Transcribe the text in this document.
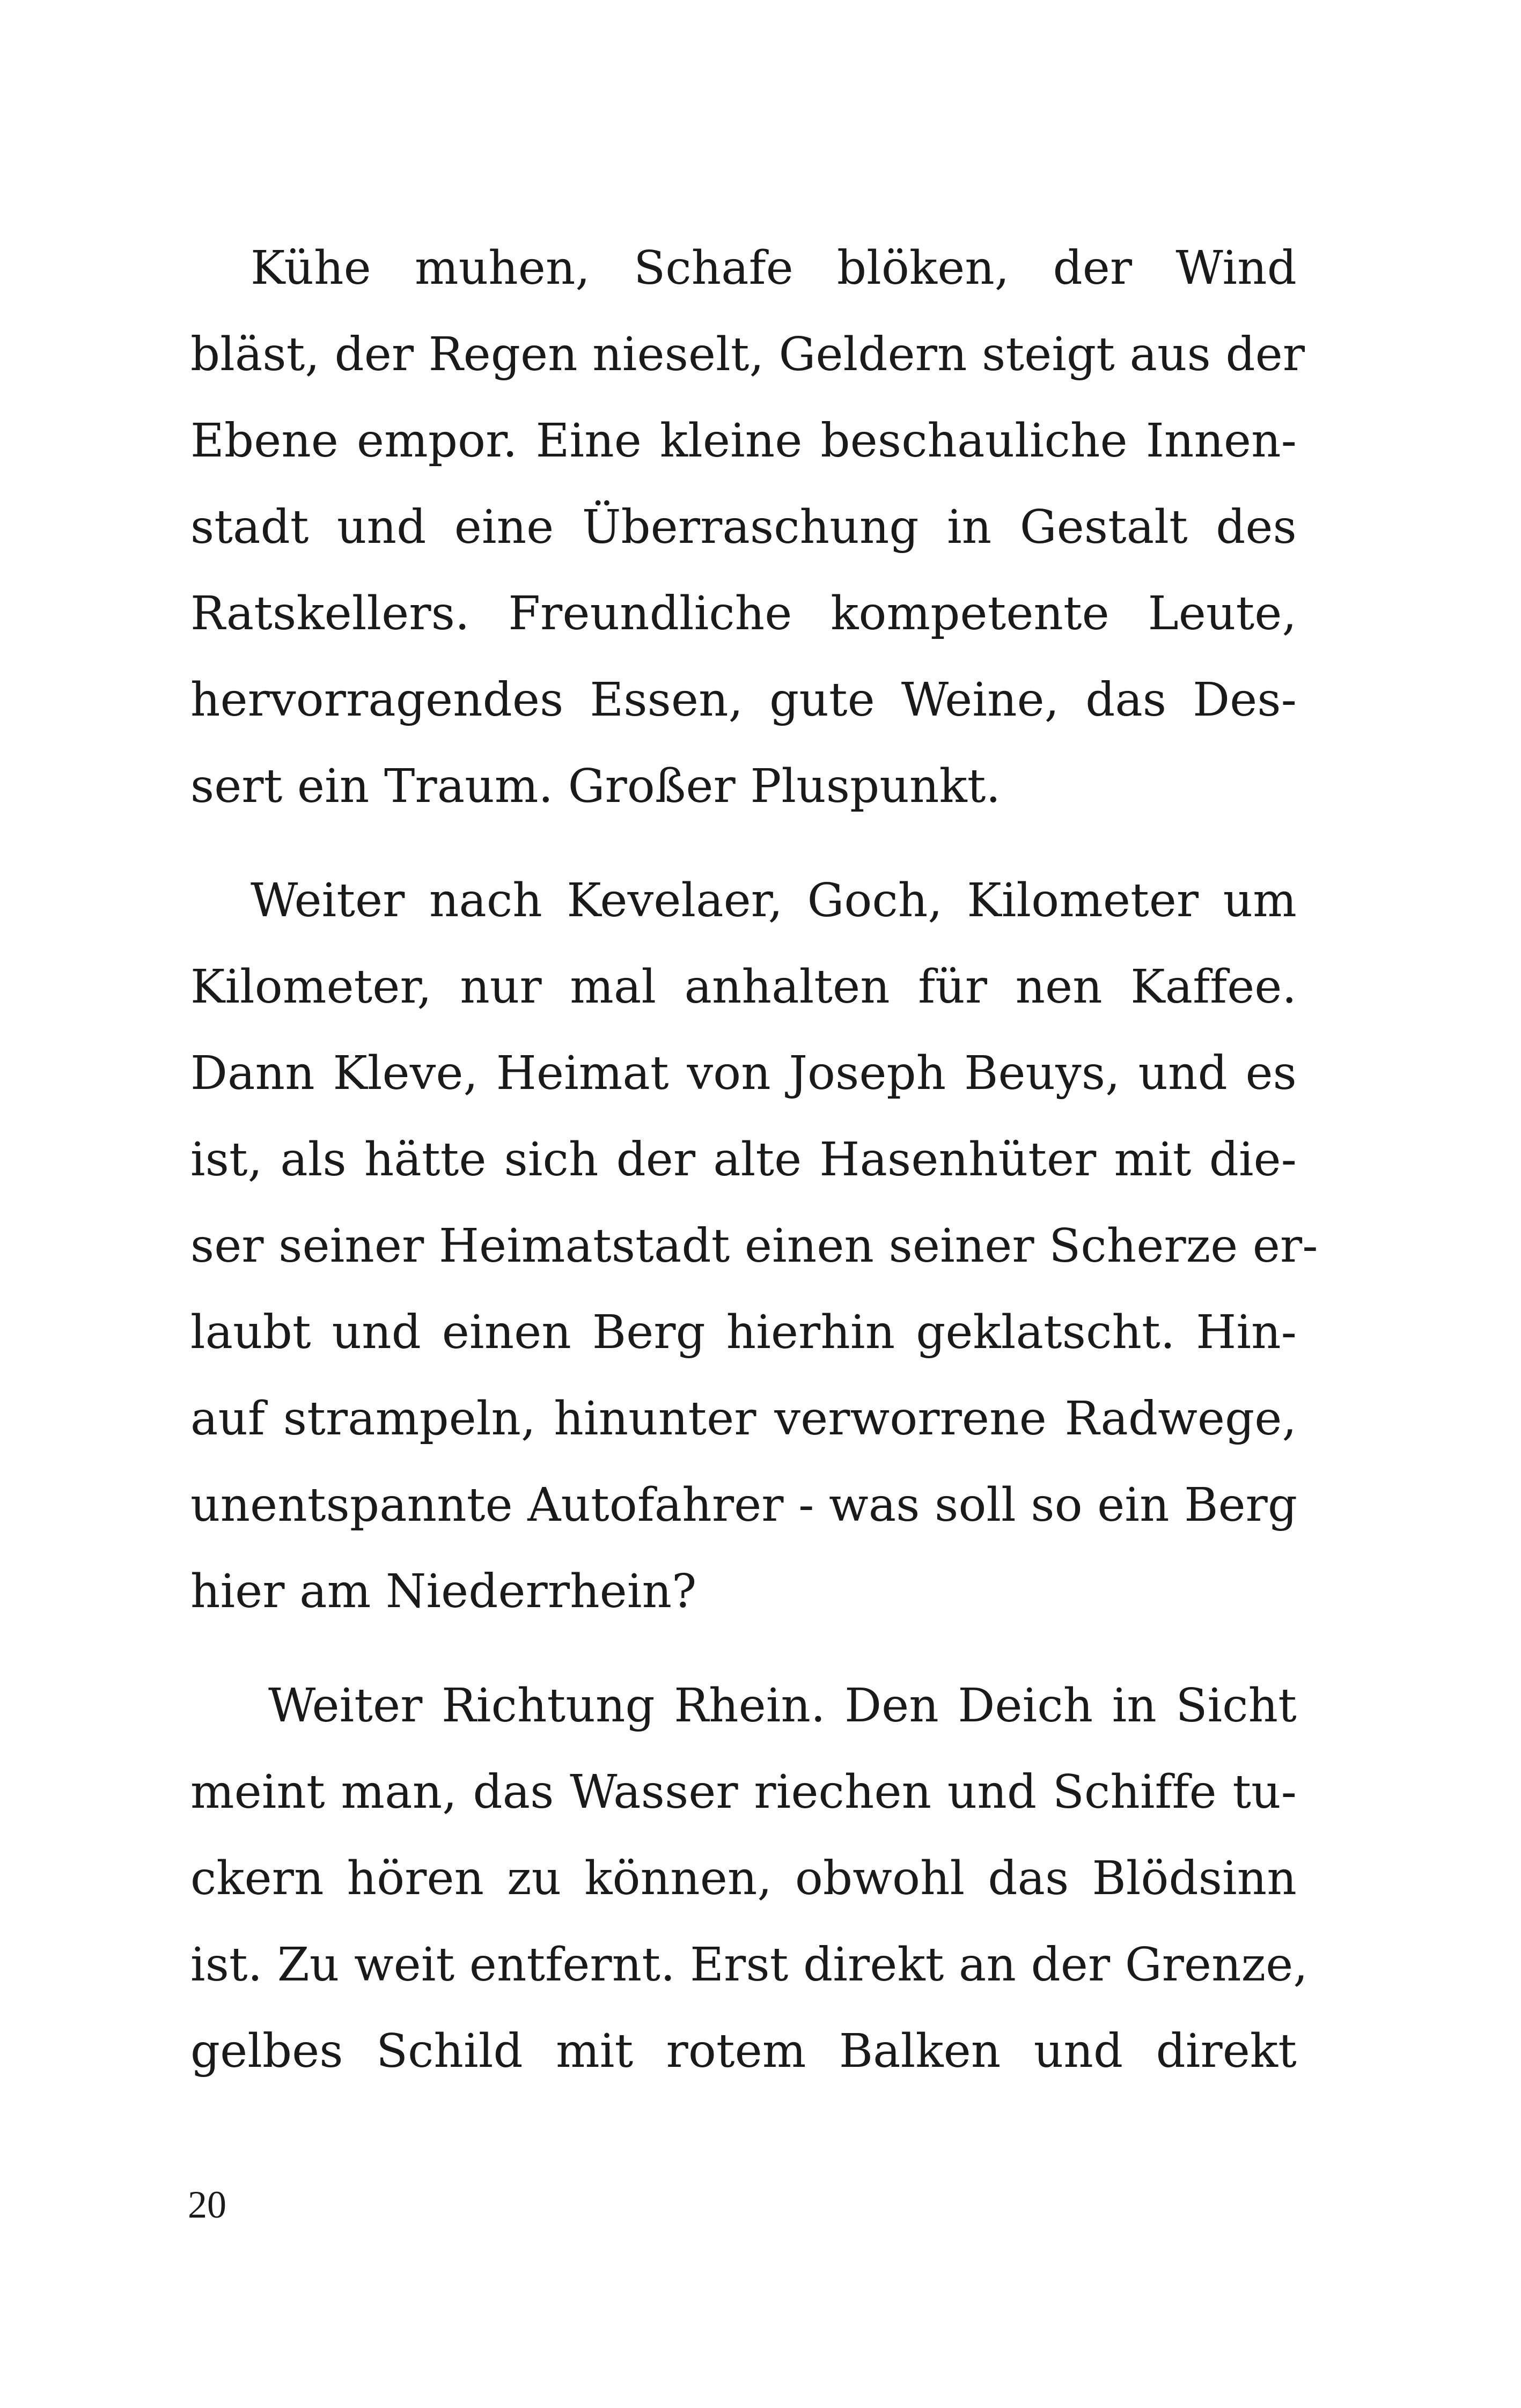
Kühe muhen, Schafe blöken, der Wind
bläst, der Regen nieselt, Geldern steigt aus der
Ebene empor. Eine kleine beschauliche Innen-
stadt und eine Überraschung in Gestalt des
Ratskellers. Freundliche kompetente Leute,
hervorragendes Essen, gute Weine, das Des-
sert ein Traum. Großer Pluspunkt.
Weiter nach Kevelaer, Goch, Kilometer um
Kilometer, nur mal anhalten für nen Kaffee.
Dann Kleve, Heimat von Joseph Beuys, und es
ist, als hätte sich der alte Hasenhüter mit die-
ser seiner Heimatstadt einen seiner Scherze er-
laubt und einen Berg hierhin geklatscht. Hin-
auf strampeln, hinunter verworrene Radwege,
unentspannte Autofahrer - was soll so ein Berg
hier am Niederrhein?
Weiter Richtung Rhein. Den Deich in Sicht
meint man, das Wasser riechen und Schiffe tu-
ckern hören zu können, obwohl das Blödsinn
ist. Zu weit entfernt. Erst direkt an der Grenze,
gelbes Schild mit rotem Balken und direkt
20
